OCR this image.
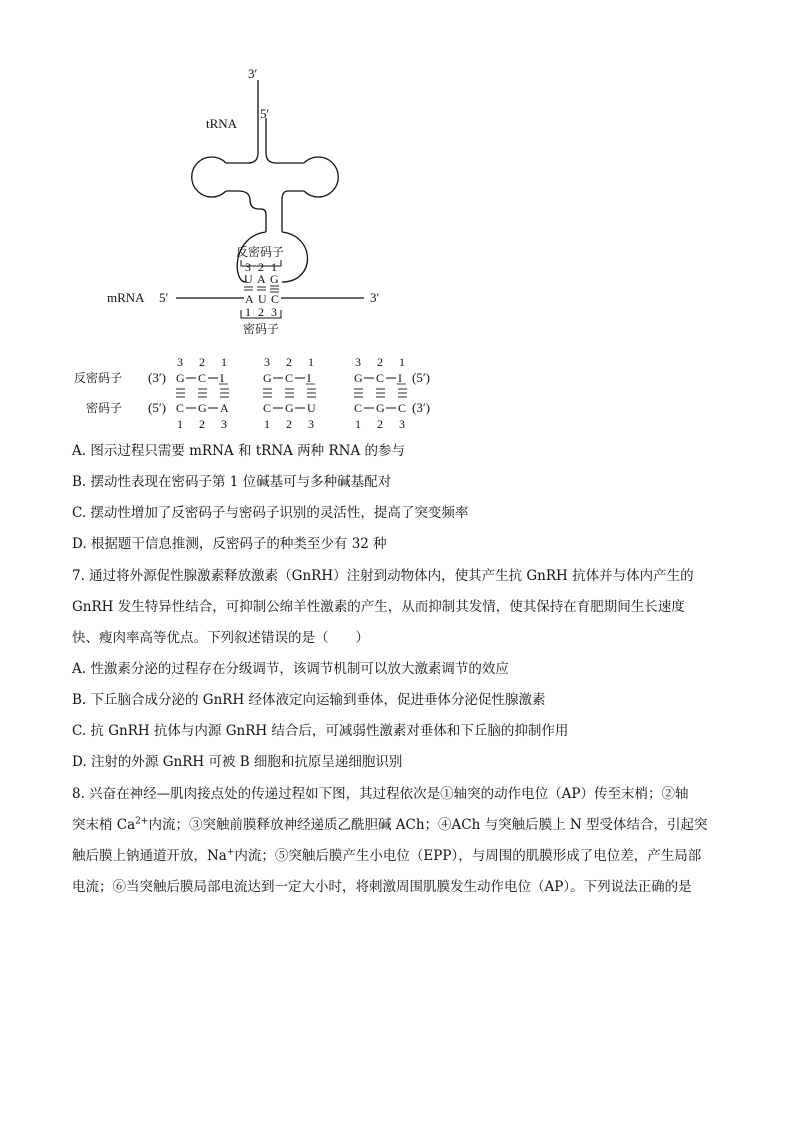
tRNA
3′
5′
反密码子
3 2 1
U A G
mRNA 5′	3′
A U C
1 2 3
密码子
反密码子 (3′)
密码子 (5′)
(5′)
(3′)
3
G
C
1
2
C
G
2
1
I
A
3
3
G
C
1
2
C
G
2
1
I
U
3
3
G
C
1
2
C
G
2
1
I
C
3
A. 图示过程只需要 mRNA 和 tRNA 两种 RNA 的参与
B. 摆动性表现在密码子第 1 位碱基可与多种碱基配对
C. 摆动性增加了反密码子与密码子识别的灵活性，提高了突变频率
D. 根据题干信息推测，反密码子的种类至少有 32 种
7. 通过将外源促性腺激素释放激素（GnRH）注射到动物体内，使其产生抗 GnRH 抗体并与体内产生的
GnRH 发生特异性结合，可抑制公绵羊性激素的产生，从而抑制其发情，使其保持在育肥期间生长速度
快、瘦肉率高等优点。下列叙述错误的是（　　）
A. 性激素分泌的过程存在分级调节，该调节机制可以放大激素调节的效应
B. 下丘脑合成分泌的 GnRH 经体液定向运输到垂体，促进垂体分泌促性腺激素
C. 抗 GnRH 抗体与内源 GnRH 结合后，可减弱性激素对垂体和下丘脑的抑制作用
D. 注射的外源 GnRH 可被 B 细胞和抗原呈递细胞识别
8. 兴奋在神经—肌肉接点处的传递过程如下图，其过程依次是①轴突的动作电位（AP）传至末梢；②轴
突末梢 $Ca^{2+}$内流；③突触前膜释放神经递质乙酰胆碱 ACh；④ACh 与突触后膜上 N 型受体结合，引起突
触后膜上钠通道开放，Na+内流；⑤突触后膜产生小电位（EPP），与周围的肌膜形成了电位差，产生局部
电流；⑥当突触后膜局部电流达到一定大小时，将刺激周围肌膜发生动作电位（AP）。下列说法正确的是
